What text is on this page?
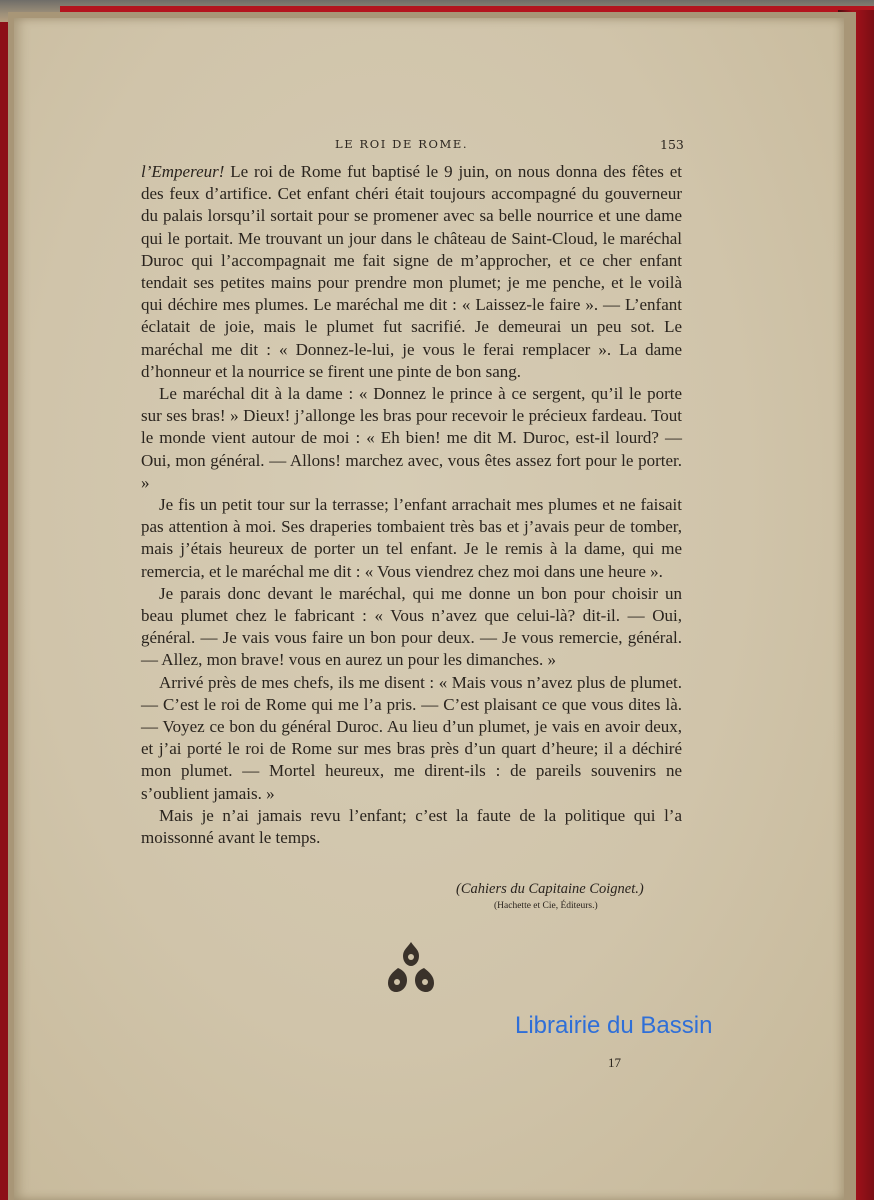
LE ROI DE ROME.	153

l’Empereur! Le roi de Rome fut baptisé le 9 juin, on nous donna des fêtes et des feux d’artifice. Cet enfant chéri était toujours accompagné du gouverneur du palais lorsqu’il sortait pour se promener avec sa belle nourrice et une dame qui le portait. Me trouvant un jour dans le château de Saint-Cloud, le maréchal Duroc qui l’accompagnait me fait signe de m’approcher, et ce cher enfant tendait ses petites mains pour prendre mon plumet; je me penche, et le voilà qui déchire mes plumes. Le maréchal me dit : « Laissez-le faire ». — L’enfant éclatait de joie, mais le plumet fut sacrifié. Je demeurai un peu sot. Le maréchal me dit : « Donnez-le-lui, je vous le ferai remplacer ». La dame d’honneur et la nourrice se firent une pinte de bon sang.

Le maréchal dit à la dame : « Donnez le prince à ce sergent, qu’il le porte sur ses bras! » Dieux! j’allonge les bras pour recevoir le précieux fardeau. Tout le monde vient autour de moi : « Eh bien! me dit M. Duroc, est-il lourd? — Oui, mon général. — Allons! marchez avec, vous êtes assez fort pour le porter. »

Je fis un petit tour sur la terrasse; l’enfant arrachait mes plumes et ne faisait pas attention à moi. Ses draperies tombaient très bas et j’avais peur de tomber, mais j’étais heureux de porter un tel enfant. Je le remis à la dame, qui me remercia, et le maréchal me dit : « Vous viendrez chez moi dans une heure ».

Je parais donc devant le maréchal, qui me donne un bon pour choisir un beau plumet chez le fabricant : « Vous n’avez que celui-là? dit-il. — Oui, général. — Je vais vous faire un bon pour deux. — Je vous remercie, général. — Allez, mon brave! vous en aurez un pour les dimanches. »

Arrivé près de mes chefs, ils me disent : « Mais vous n’avez plus de plumet. — C’est le roi de Rome qui me l’a pris. — C’est plaisant ce que vous dites là. — Voyez ce bon du général Duroc. Au lieu d’un plumet, je vais en avoir deux, et j’ai porté le roi de Rome sur mes bras près d’un quart d’heure; il a déchiré mon plumet. — Mortel heureux, me dirent-ils : de pareils souvenirs ne s’oublient jamais. »

Mais je n’ai jamais revu l’enfant; c’est la faute de la politique qui l’a moissonné avant le temps.

(Cahiers du Capitaine Coignet.)
(Hachette et Cie, Éditeurs.)
Librairie du Bassin
17
